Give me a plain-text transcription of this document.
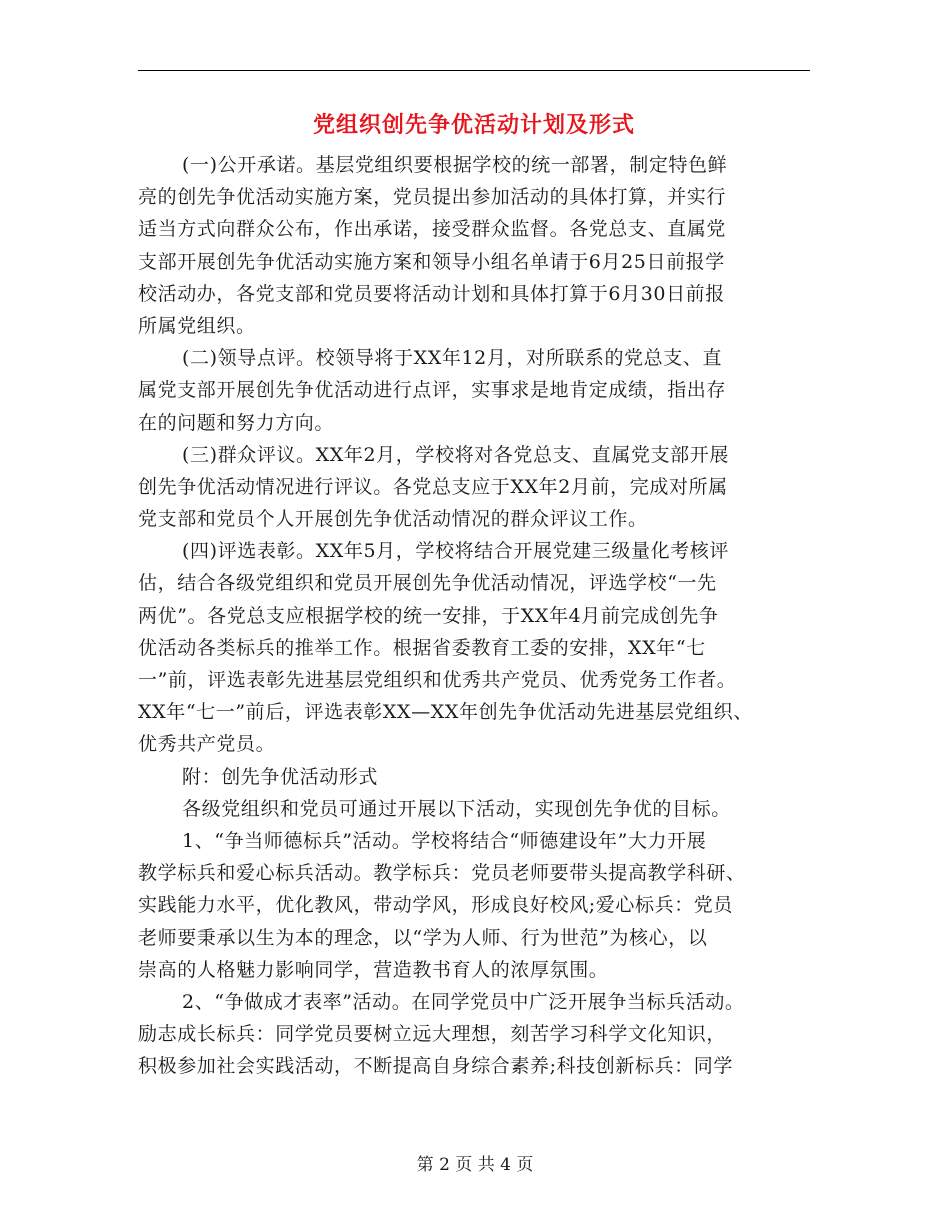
党组织创先争优活动计划及形式
(一)公开承诺。基层党组织要根据学校的统一部署，制定特色鲜
亮的创先争优活动实施方案，党员提出参加活动的具体打算，并实行
适当方式向群众公布，作出承诺，接受群众监督。各党总支、直属党
支部开展创先争优活动实施方案和领导小组名单请于6月25日前报学
校活动办，各党支部和党员要将活动计划和具体打算于6月30日前报
所属党组织。
(二)领导点评。校领导将于XX年12月，对所联系的党总支、直
属党支部开展创先争优活动进行点评，实事求是地肯定成绩，指出存
在的问题和努力方向。
(三)群众评议。XX年2月，学校将对各党总支、直属党支部开展
创先争优活动情况进行评议。各党总支应于XX年2月前，完成对所属
党支部和党员个人开展创先争优活动情况的群众评议工作。
(四)评选表彰。XX年5月，学校将结合开展党建三级量化考核评
估，结合各级党组织和党员开展创先争优活动情况，评选学校“一先
两优”。各党总支应根据学校的统一安排，于XX年4月前完成创先争
优活动各类标兵的推举工作。根据省委教育工委的安排，XX年“七
一”前，评选表彰先进基层党组织和优秀共产党员、优秀党务工作者。
XX年“七一”前后，评选表彰XX—XX年创先争优活动先进基层党组织、
优秀共产党员。
附：创先争优活动形式
各级党组织和党员可通过开展以下活动，实现创先争优的目标。
1、“争当师德标兵”活动。学校将结合“师德建设年”大力开展
教学标兵和爱心标兵活动。教学标兵：党员老师要带头提高教学科研、
实践能力水平，优化教风，带动学风，形成良好校风;爱心标兵：党员
老师要秉承以生为本的理念，以“学为人师、行为世范”为核心，以
崇高的人格魅力影响同学，营造教书育人的浓厚氛围。
2、“争做成才表率”活动。在同学党员中广泛开展争当标兵活动。
励志成长标兵：同学党员要树立远大理想，刻苦学习科学文化知识，
积极参加社会实践活动，不断提高自身综合素养;科技创新标兵：同学
第 2 页 共 4 页
